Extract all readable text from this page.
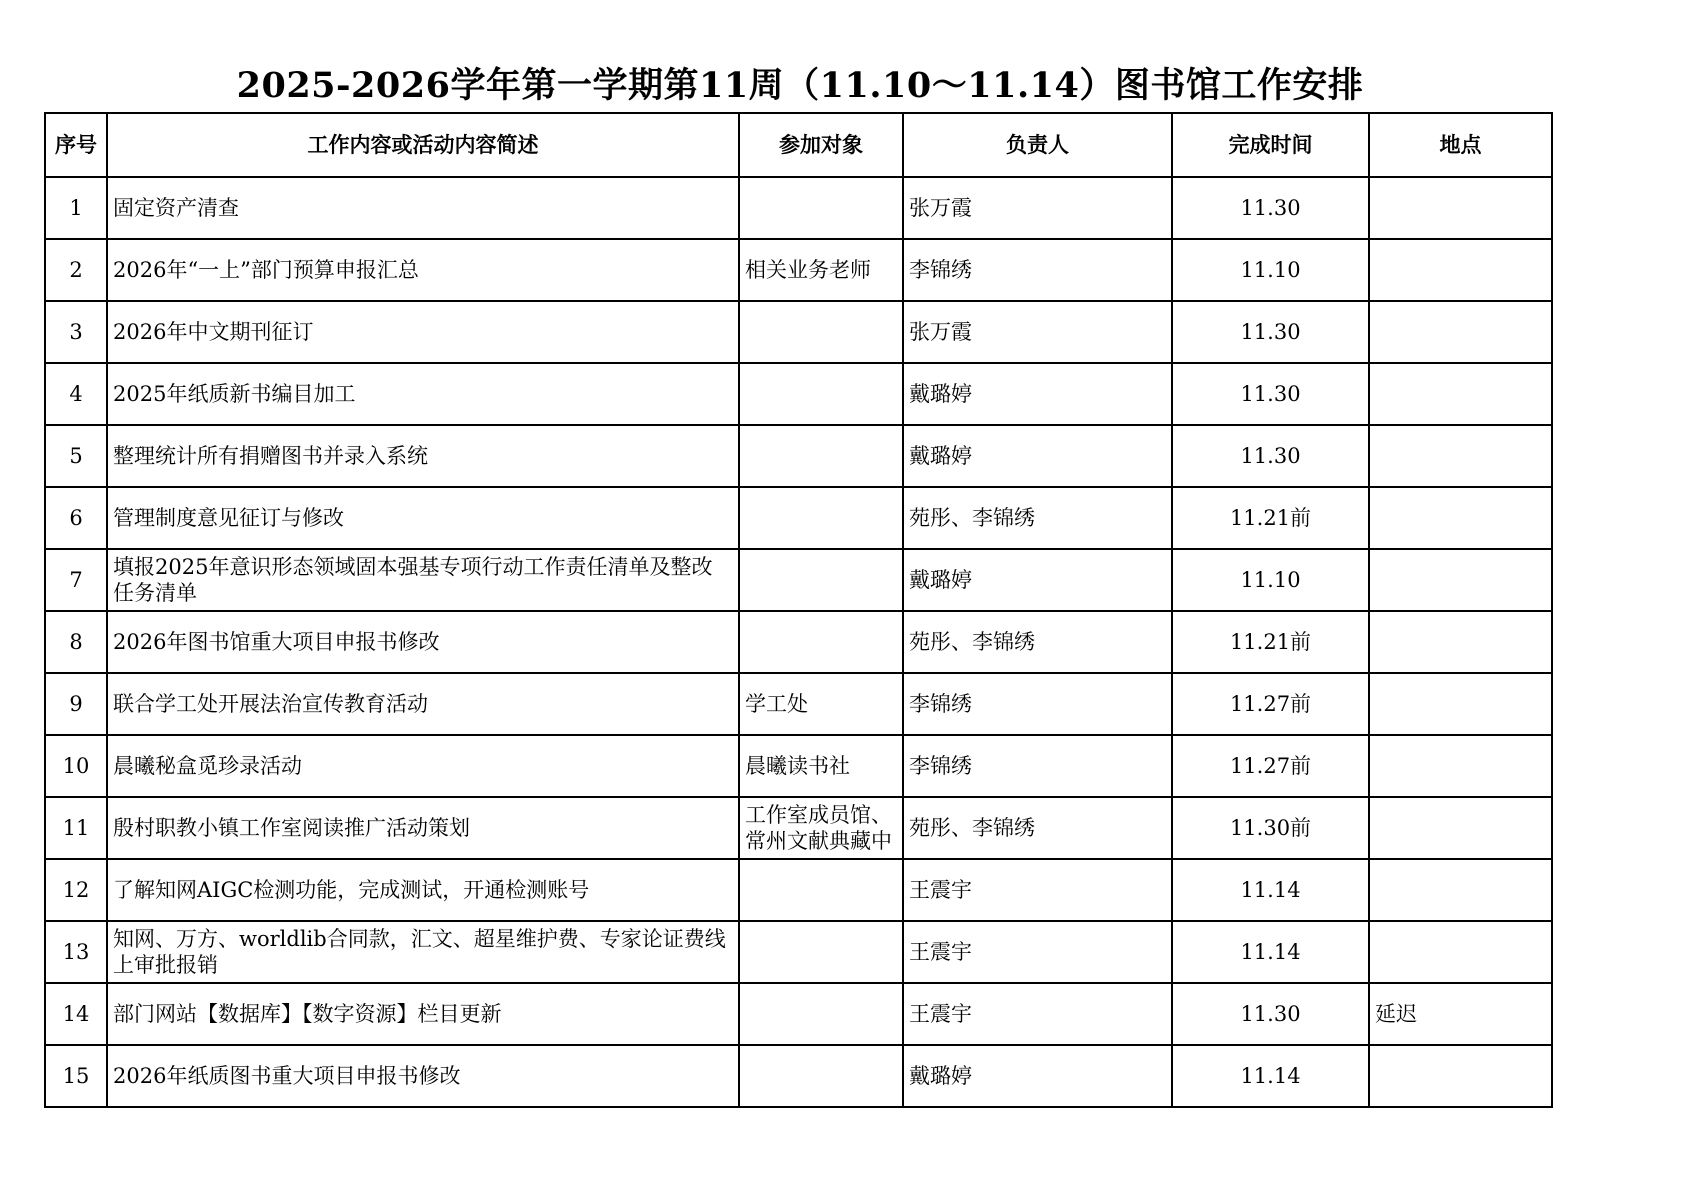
2025-2026学年第一学期第11周（11.10～11.14）图书馆工作安排
序号	工作内容或活动内容简述	参加对象	负责人	完成时间	地点
1	固定资产清查		张万霞	11.30	
2	2026年“一上”部门预算申报汇总	相关业务老师	李锦绣	11.10	
3	2026年中文期刊征订		张万霞	11.30	
4	2025年纸质新书编目加工		戴璐婷	11.30	
5	整理统计所有捐赠图书并录入系统		戴璐婷	11.30	
6	管理制度意见征订与修改		苑彤、李锦绣	11.21前	
7	填报2025年意识形态领域固本强基专项行动工作责任清单及整改任务清单		戴璐婷	11.10	
8	2026年图书馆重大项目申报书修改		苑彤、李锦绣	11.21前	
9	联合学工处开展法治宣传教育活动	学工处	李锦绣	11.27前	
10	晨曦秘盒觅珍录活动	晨曦读书社	李锦绣	11.27前	
11	殷村职教小镇工作室阅读推广活动策划	工作室成员馆、常州文献典藏中	苑彤、李锦绣	11.30前	
12	了解知网AIGC检测功能，完成测试，开通检测账号		王震宇	11.14	
13	知网、万方、worldlib合同款，汇文、超星维护费、专家论证费线上审批报销		王震宇	11.14	
14	部门网站【数据库】【数字资源】栏目更新		王震宇	11.30	延迟
15	2026年纸质图书重大项目申报书修改		戴璐婷	11.14	
